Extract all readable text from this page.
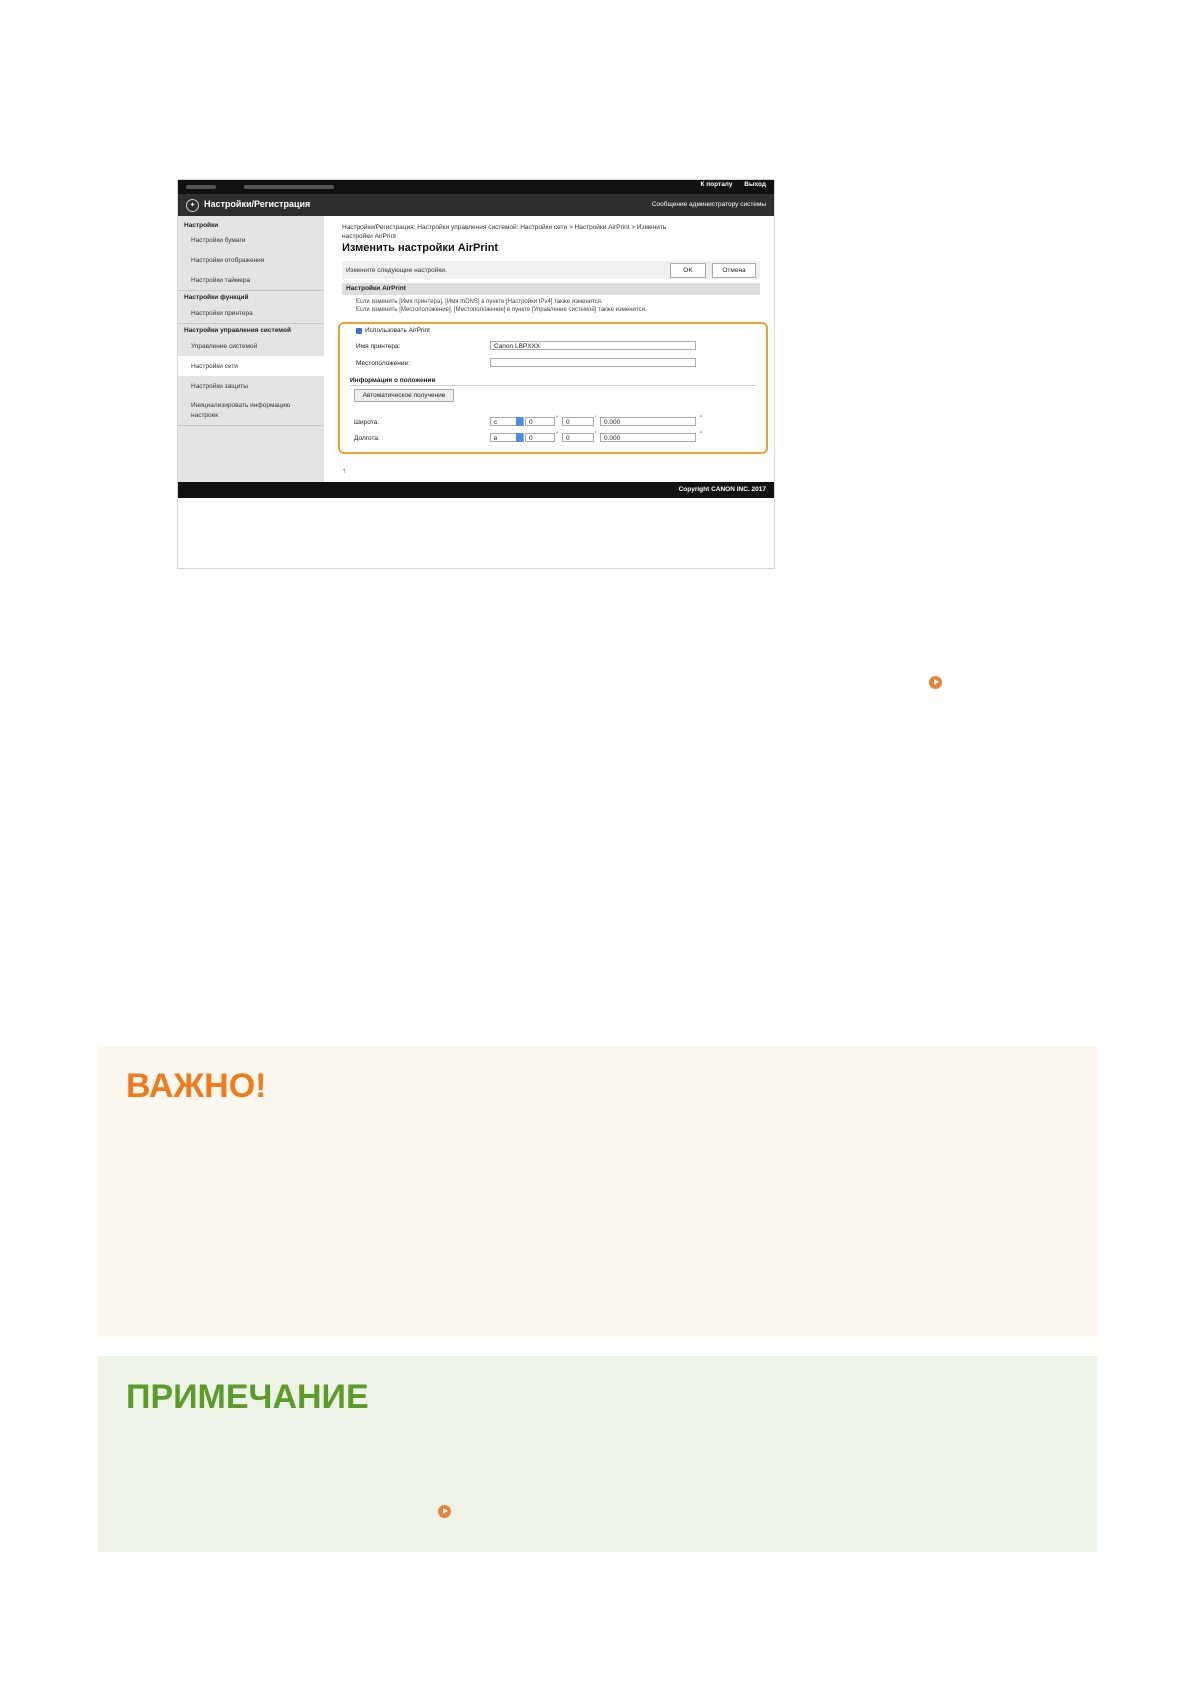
К порталу Выход
✦ Настройки/Регистрация	Сообщение администратору системы
Настройки
Настройки бумаги
Настройки отображения
Настройки таймера
Настройки функций
Настройки принтера
Настройки управления системой
Управление системой
Настройки сети
Настройки защиты
Инициализировать информацию
настроек
Настройки/Регистрация: Настройки управления системой: Настройки сети > Настройки AirPrint > Изменить
настройки AirPrint
Изменить настройки AirPrint
Измените следующие настройки.	OK	Отмена
Настройки AirPrint
Если изменить [Имя принтера], [Имя mDNS] в пункте [Настройки IPv4] также изменится.
Если изменить [Местоположение], [Местоположение] в пункте [Управление системой] также изменится.
Использовать AirPrint
Имя принтера:	Canon LBPXXX
Местоположение:
Информация о положении
Автоматическое получение
Широта:	с	0	°	0	'	0.000	"
Долгота:	в	0	°	0	'	0.000	"
↑
Copyright CANON INC. 2017
ВАЖНО!
ПРИМЕЧАНИЕ
